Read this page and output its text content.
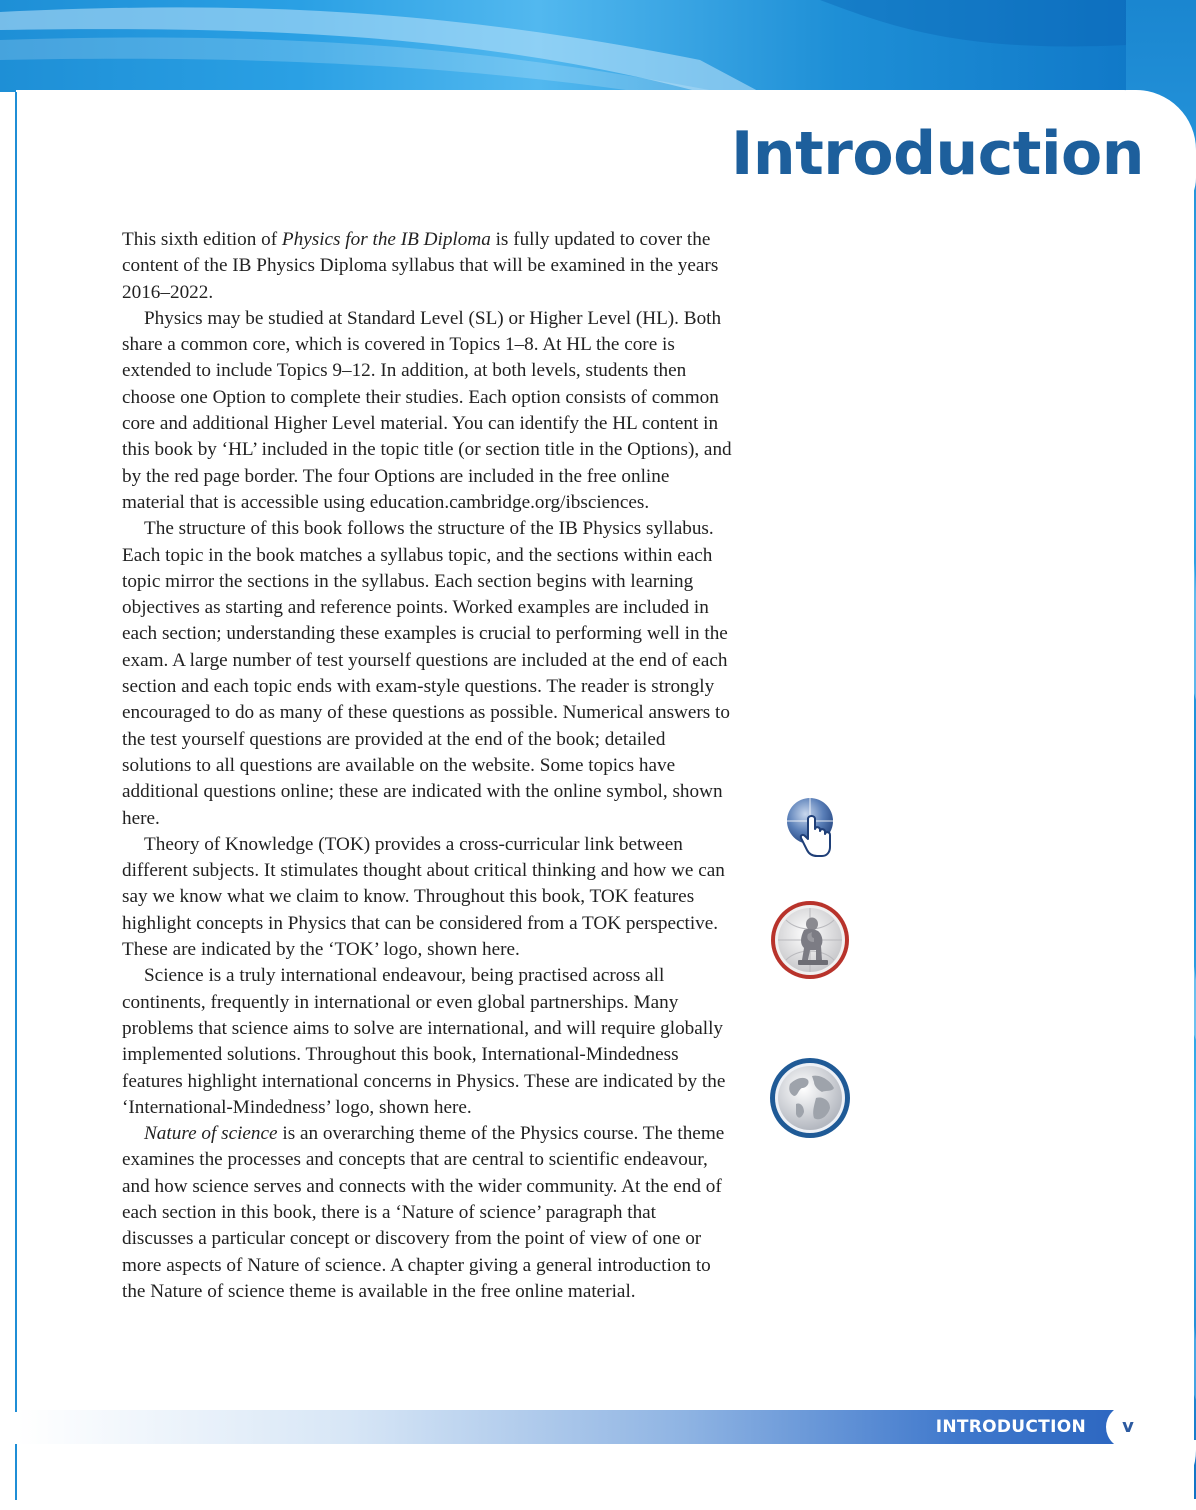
Introduction

This sixth edition of Physics for the IB Diploma is fully updated to cover the content of the IB Physics Diploma syllabus that will be examined in the years 2016–2022.

Physics may be studied at Standard Level (SL) or Higher Level (HL). Both share a common core, which is covered in Topics 1–8. At HL the core is extended to include Topics 9–12. In addition, at both levels, students then choose one Option to complete their studies. Each option consists of common core and additional Higher Level material. You can identify the HL content in this book by ‘HL’ included in the topic title (or section title in the Options), and by the red page border. The four Options are included in the free online material that is accessible using education.cambridge.org/ibsciences.

The structure of this book follows the structure of the IB Physics syllabus. Each topic in the book matches a syllabus topic, and the sections within each topic mirror the sections in the syllabus. Each section begins with learning objectives as starting and reference points. Worked examples are included in each section; understanding these examples is crucial to performing well in the exam. A large number of test yourself questions are included at the end of each section and each topic ends with exam-style questions. The reader is strongly encouraged to do as many of these questions as possible. Numerical answers to the test yourself questions are provided at the end of the book; detailed solutions to all questions are available on the website. Some topics have additional questions online; these are indicated with the online symbol, shown here.

Theory of Knowledge (TOK) provides a cross-curricular link between different subjects. It stimulates thought about critical thinking and how we can say we know what we claim to know. Throughout this book, TOK features highlight concepts in Physics that can be considered from a TOK perspective. These are indicated by the ‘TOK’ logo, shown here.

Science is a truly international endeavour, being practised across all continents, frequently in international or even global partnerships. Many problems that science aims to solve are international, and will require globally implemented solutions. Throughout this book, International-Mindedness features highlight international concerns in Physics. These are indicated by the ‘International-Mindedness’ logo, shown here.

Nature of science is an overarching theme of the Physics course. The theme examines the processes and concepts that are central to scientific endeavour, and how science serves and connects with the wider community. At the end of each section in this book, there is a ‘Nature of science’ paragraph that discusses a particular concept or discovery from the point of view of one or more aspects of Nature of science. A chapter giving a general introduction to the Nature of science theme is available in the free online material.

INTRODUCTION	v
